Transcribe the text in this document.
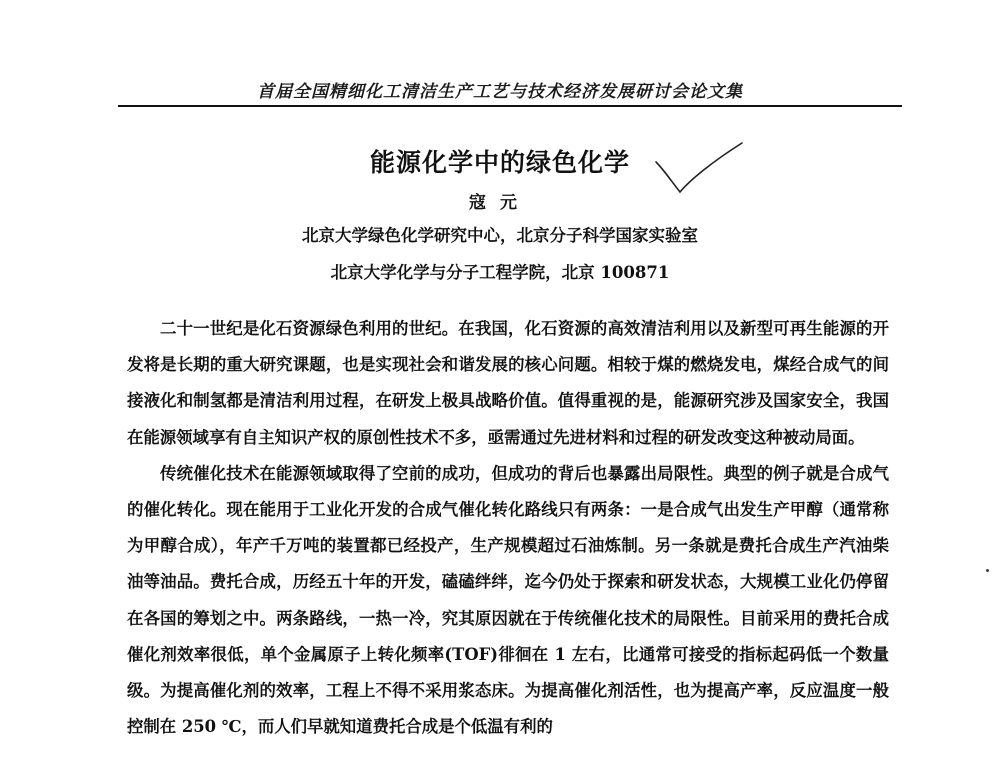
首届全国精细化工清洁生产工艺与技术经济发展研讨会论文集
能源化学中的绿色化学
寇元
北京大学绿色化学研究中心，北京分子科学国家实验室
北京大学化学与分子工程学院，北京 100871

二十一世纪是化石资源绿色利用的世纪。在我国，化石资源的高效清洁利用以及新型可再生能源的开发将是长期的重大研究课题，也是实现社会和谐发展的核心问题。相较于煤的燃烧发电，煤经合成气的间接液化和制氢都是清洁利用过程，在研发上极具战略价值。值得重视的是，能源研究涉及国家安全，我国在能源领域享有自主知识产权的原创性技术不多，亟需通过先进材料和过程的研发改变这种被动局面。

传统催化技术在能源领域取得了空前的成功，但成功的背后也暴露出局限性。典型的例子就是合成气的催化转化。现在能用于工业化开发的合成气催化转化路线只有两条：一是合成气出发生产甲醇（通常称为甲醇合成），年产千万吨的装置都已经投产，生产规模超过石油炼制。另一条就是费托合成生产汽油柴油等油品。费托合成，历经五十年的开发，磕磕绊绊，迄今仍处于探索和研发状态，大规模工业化仍停留在各国的筹划之中。两条路线，一热一冷，究其原因就在于传统催化技术的局限性。目前采用的费托合成催化剂效率很低，单个金属原子上转化频率(TOF)徘徊在 1 左右，比通常可接受的指标起码低一个数量级。为提高催化剂的效率，工程上不得不采用浆态床。为提高催化剂活性，也为提高产率，反应温度一般控制在 250 ℃，而人们早就知道费托合成是个低温有利的
